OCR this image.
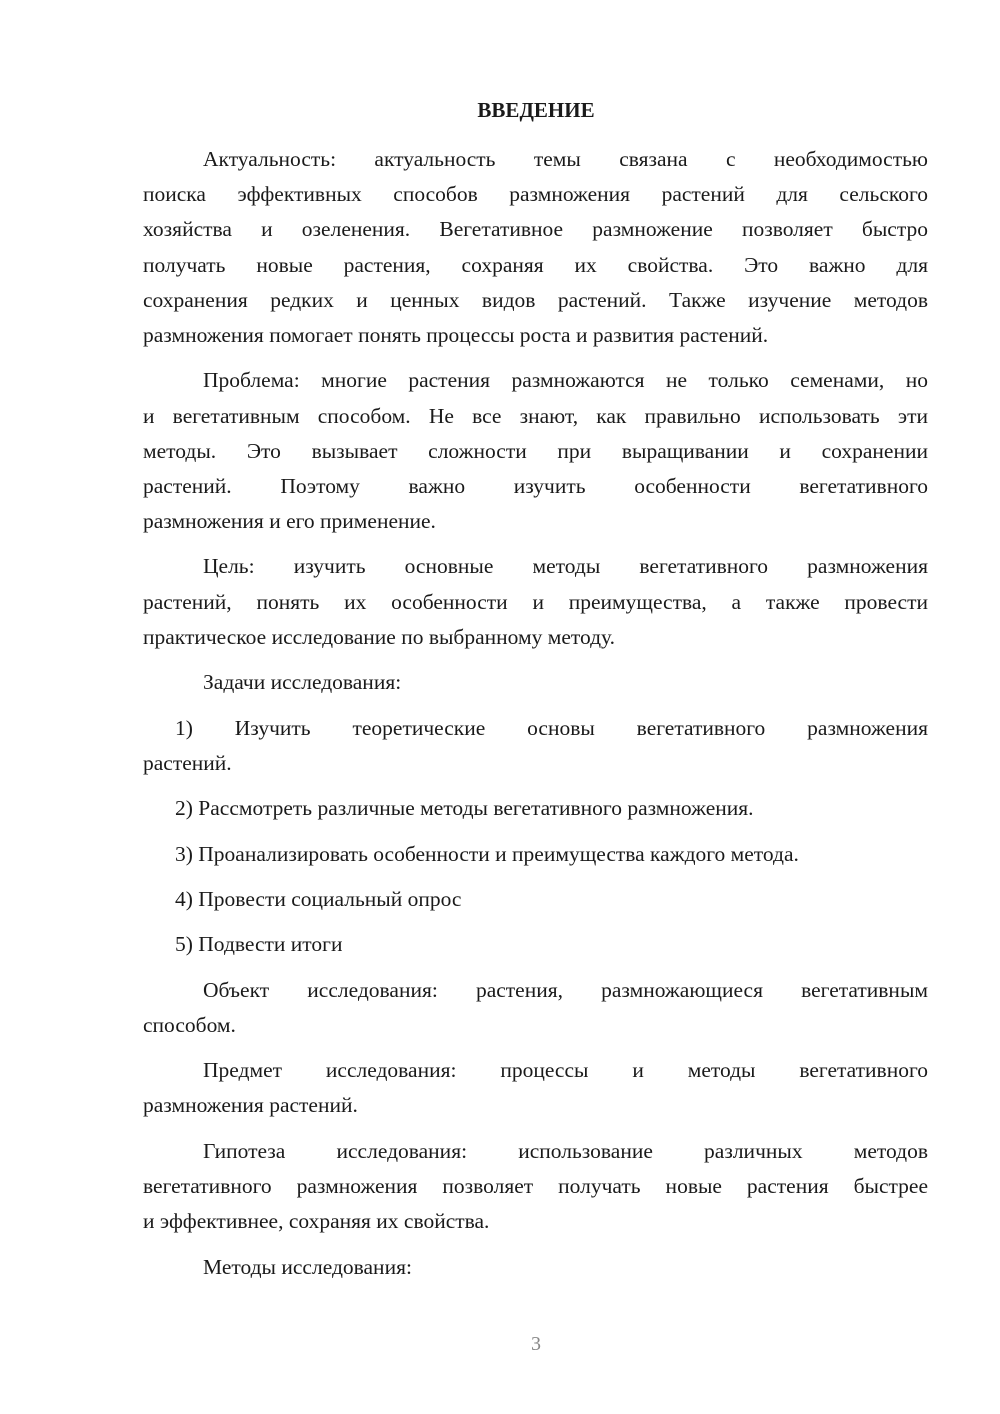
ВВЕДЕНИЕ
Актуальность: актуальность темы связана с необходимостью
поиска эффективных способов размножения растений для сельского
хозяйства и озеленения. Вегетативное размножение позволяет быстро
получать новые растения, сохраняя их свойства. Это важно для
сохранения редких и ценных видов растений. Также изучение методов
размножения помогает понять процессы роста и развития растений.
Проблема: многие растения размножаются не только семенами, но
и вегетативным способом. Не все знают, как правильно использовать эти
методы. Это вызывает сложности при выращивании и сохранении
растений. Поэтому важно изучить особенности вегетативного
размножения и его применение.
Цель: изучить основные методы вегетативного размножения
растений, понять их особенности и преимущества, а также провести
практическое исследование по выбранному методу.
Задачи исследования:
1) Изучить теоретические основы вегетативного размножения
растений.
2) Рассмотреть различные методы вегетативного размножения.
3) Проанализировать особенности и преимущества каждого метода.
4) Провести социальный опрос
5) Подвести итоги
Объект исследования: растения, размножающиеся вегетативным
способом.
Предмет исследования: процессы и методы вегетативного
размножения растений.
Гипотеза исследования: использование различных методов
вегетативного размножения позволяет получать новые растения быстрее
и эффективнее, сохраняя их свойства.
Методы исследования:
3
